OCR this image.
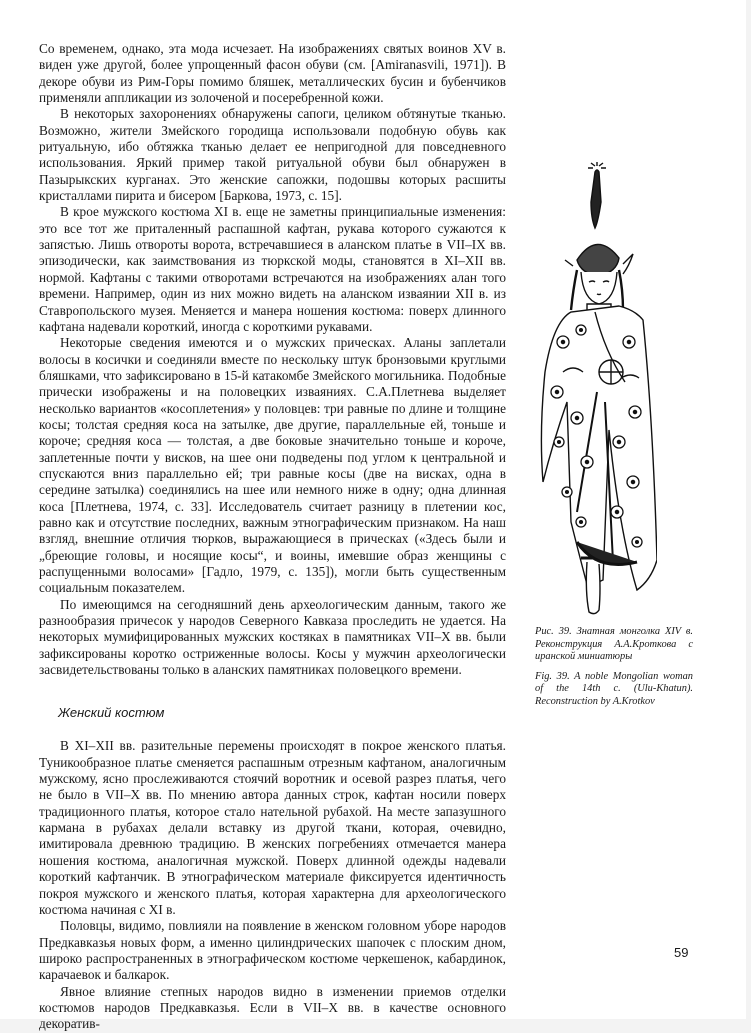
Со временем, однако, эта мода исчезает. На изображениях святых воинов XV в. виден уже другой, более упрощенный фасон обуви (см. [Amiranasvili, 1971]). В декоре обуви из Рим-Горы помимо бляшек, металлических бусин и бубенчиков применяли аппликации из золоченой и посеребренной кожи.

В некоторых захоронениях обнаружены сапоги, целиком обтянутые тканью. Возможно, жители Змейского городища использовали подобную обувь как ритуальную, ибо обтяжка тканью делает ее непригодной для повседневного использования. Яркий пример такой ритуальной обуви был обнаружен в Пазырыкских курганах. Это женские сапожки, подошвы которых расшиты кристаллами пирита и бисером [Баркова, 1973, с. 15].

В крое мужского костюма XI в. еще не заметны принципиальные изменения: это все тот же приталенный распашной кафтан, рукава которого сужаются к запястью. Лишь отвороты ворота, встречавшиеся в аланском платье в VII–IX вв. эпизодически, как заимствования из тюркской моды, становятся в XI–XII вв. нормой. Кафтаны с такими отворотами встречаются на изображениях алан того времени. Например, один из них можно видеть на аланском изваянии XII в. из Ставропольского музея. Меняется и манера ношения костюма: поверх длинного кафтана надевали короткий, иногда с короткими рукавами.

Некоторые сведения имеются и о мужских прическах. Аланы заплетали волосы в косички и соединяли вместе по нескольку штук бронзовыми круглыми бляшками, что зафиксировано в 15-й катакомбе Змейского могильника. Подобные прически изображены и на половецких изваяниях. С.А.Плетнева выделяет несколько вариантов «косоплетения» у половцев: три равные по длине и толщине косы; толстая средняя коса на затылке, две другие, параллельные ей, тоньше и короче; средняя коса — толстая, а две боковые значительно тоньше и короче, заплетенные почти у висков, на шее они подведены под углом к центральной и спускаются вниз параллельно ей; три равные косы (две на висках, одна в середине затылка) соединялись на шее или немного ниже в одну; одна длинная коса [Плетнева, 1974, с. 33]. Исследователь считает разницу в плетении кос, равно как и отсутствие последних, важным этнографическим признаком. На наш взгляд, внешние отличия тюрков, выражающиеся в прическах («Здесь были и „бреющие головы, и носящие косы“, и воины, имевшие образ женщины с распущенными волосами» [Гадло, 1979, с. 135]), могли быть существенным социальным показателем.

По имеющимся на сегодняшний день археологическим данным, такого же разнообразия причесок у народов Северного Кавказа проследить не удается. На некоторых мумифицированных мужских костяках в памятниках VII–X вв. были зафиксированы коротко остриженные волосы. Косы у мужчин археологически засвидетельствованы только в аланских памятниках половецкого времени.

Женский костюм

В XI–XII вв. разительные перемены происходят в покрое женского платья. Туникообразное платье сменяется распашным отрезным кафтаном, аналогичным мужскому, ясно прослеживаются стоячий воротник и осевой разрез платья, чего не было в VII–X вв. По мнению автора данных строк, кафтан носили поверх традиционного платья, которое стало нательной рубахой. На месте запазушного кармана в рубахах делали вставку из другой ткани, которая, очевидно, имитировала древнюю традицию. В женских погребениях отмечается манера ношения костюма, аналогичная мужской. Поверх длинной одежды надевали короткий кафтанчик. В этнографическом материале фиксируется идентичность покроя мужского и женского платья, которая характерна для археологического костюма начиная с XI в.

Половцы, видимо, повлияли на появление в женском головном уборе народов Предкавказья новых форм, а именно цилиндрических шапочек с плоским дном, широко распространенных в этнографическом костюме черкешенок, кабардинок, карачаевок и балкарок.

Явное влияние степных народов видно в изменении приемов отделки костюмов народов Предкавказья. Если в VII–X вв. в качестве основного декоратив-

Рис. 39. Знатная монголка XIV в. Реконструкция А.А.Кроткова с иранской миниатюры

Fig. 39. A noble Mongolian woman of the 14th c. (Ulu-Khatun). Reconstruction by A.Krotkov

59
